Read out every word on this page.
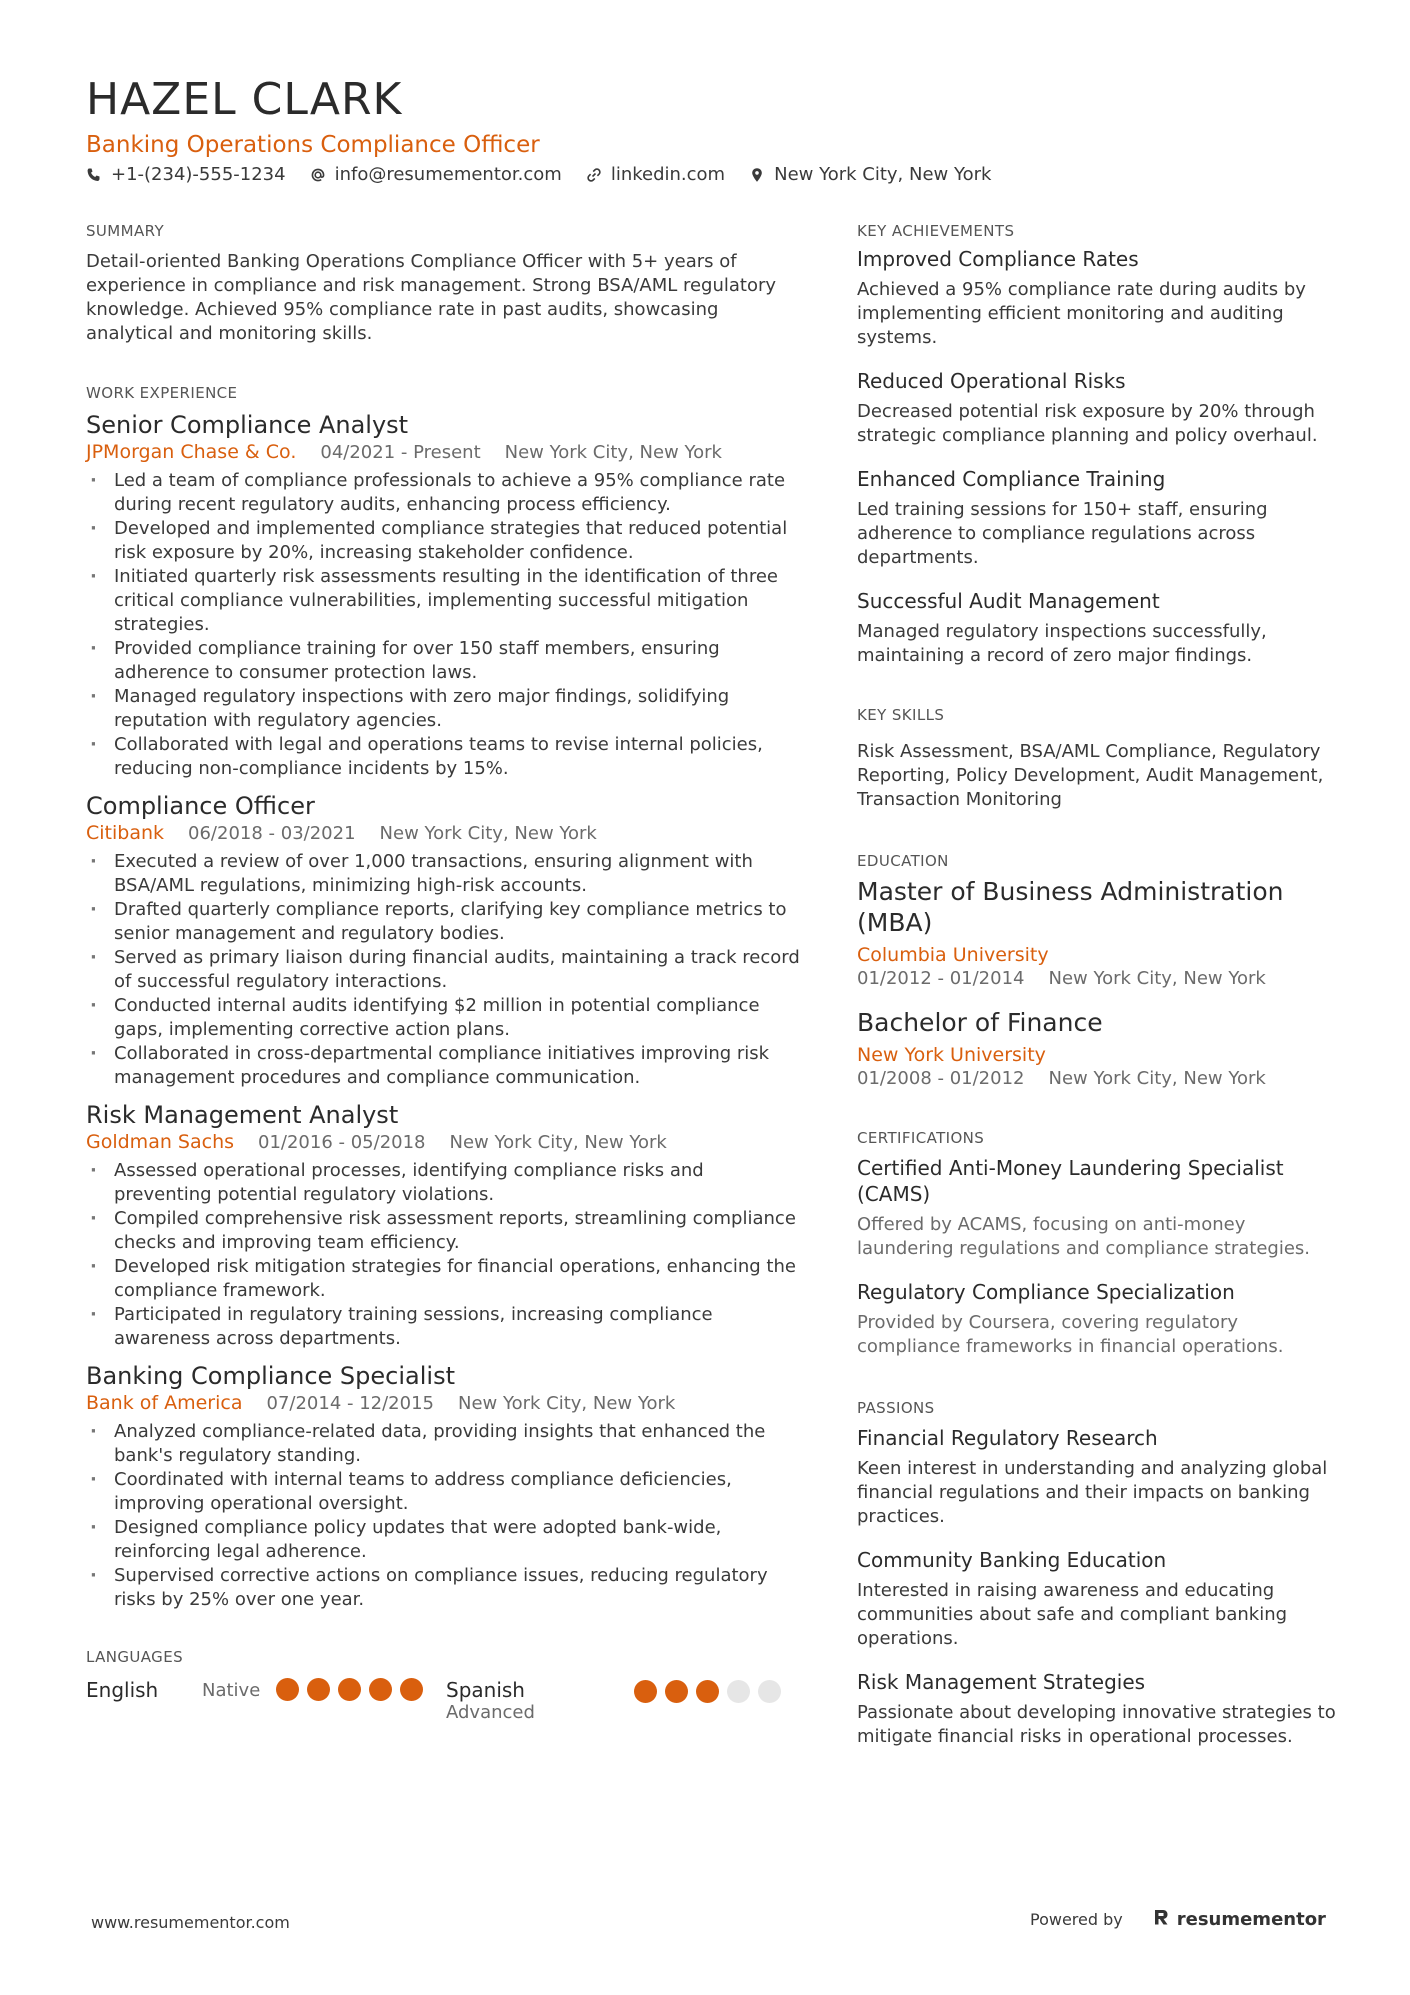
HAZEL CLARK
Banking Operations Compliance Officer
+1-(234)-555-1234	info@resumementor.com	linkedin.com	New York City, New York
SUMMARY
Detail-oriented Banking Operations Compliance Officer with 5+ years of experience in compliance and risk management. Strong BSA/AML regulatory knowledge. Achieved 95% compliance rate in past audits, showcasing analytical and monitoring skills.
WORK EXPERIENCE
Senior Compliance Analyst
JPMorgan Chase & Co. 04/2021 - Present New York City, New York
· Led a team of compliance professionals to achieve a 95% compliance rate during recent regulatory audits, enhancing process efficiency.
· Developed and implemented compliance strategies that reduced potential risk exposure by 20%, increasing stakeholder confidence.
· Initiated quarterly risk assessments resulting in the identification of three critical compliance vulnerabilities, implementing successful mitigation strategies.
· Provided compliance training for over 150 staff members, ensuring adherence to consumer protection laws.
· Managed regulatory inspections with zero major findings, solidifying reputation with regulatory agencies.
· Collaborated with legal and operations teams to revise internal policies, reducing non-compliance incidents by 15%.
Compliance Officer
Citibank 06/2018 - 03/2021 New York City, New York
· Executed a review of over 1,000 transactions, ensuring alignment with BSA/AML regulations, minimizing high-risk accounts.
· Drafted quarterly compliance reports, clarifying key compliance metrics to senior management and regulatory bodies.
· Served as primary liaison during financial audits, maintaining a track record of successful regulatory interactions.
· Conducted internal audits identifying $2 million in potential compliance gaps, implementing corrective action plans.
· Collaborated in cross-departmental compliance initiatives improving risk management procedures and compliance communication.
Risk Management Analyst
Goldman Sachs 01/2016 - 05/2018 New York City, New York
· Assessed operational processes, identifying compliance risks and preventing potential regulatory violations.
· Compiled comprehensive risk assessment reports, streamlining compliance checks and improving team efficiency.
· Developed risk mitigation strategies for financial operations, enhancing the compliance framework.
· Participated in regulatory training sessions, increasing compliance awareness across departments.
Banking Compliance Specialist
Bank of America 07/2014 - 12/2015 New York City, New York
· Analyzed compliance-related data, providing insights that enhanced the bank's regulatory standing.
· Coordinated with internal teams to address compliance deficiencies, improving operational oversight.
· Designed compliance policy updates that were adopted bank-wide, reinforcing legal adherence.
· Supervised corrective actions on compliance issues, reducing regulatory risks by 25% over one year.
LANGUAGES
English	Native	Spanish
Advanced
KEY ACHIEVEMENTS
Improved Compliance Rates
Achieved a 95% compliance rate during audits by implementing efficient monitoring and auditing systems.
Reduced Operational Risks
Decreased potential risk exposure by 20% through strategic compliance planning and policy overhaul.
Enhanced Compliance Training
Led training sessions for 150+ staff, ensuring adherence to compliance regulations across departments.
Successful Audit Management
Managed regulatory inspections successfully, maintaining a record of zero major findings.
KEY SKILLS
Risk Assessment, BSA/AML Compliance, Regulatory Reporting, Policy Development, Audit Management, Transaction Monitoring
EDUCATION
Master of Business Administration (MBA)
Columbia University
01/2012 - 01/2014 New York City, New York
Bachelor of Finance
New York University
01/2008 - 01/2012 New York City, New York
CERTIFICATIONS
Certified Anti-Money Laundering Specialist (CAMS)
Offered by ACAMS, focusing on anti-money laundering regulations and compliance strategies.
Regulatory Compliance Specialization
Provided by Coursera, covering regulatory compliance frameworks in financial operations.
PASSIONS
Financial Regulatory Research
Keen interest in understanding and analyzing global financial regulations and their impacts on banking practices.
Community Banking Education
Interested in raising awareness and educating communities about safe and compliant banking operations.
Risk Management Strategies
Passionate about developing innovative strategies to mitigate financial risks in operational processes.
www.resumementor.com	Powered by	resumementor
